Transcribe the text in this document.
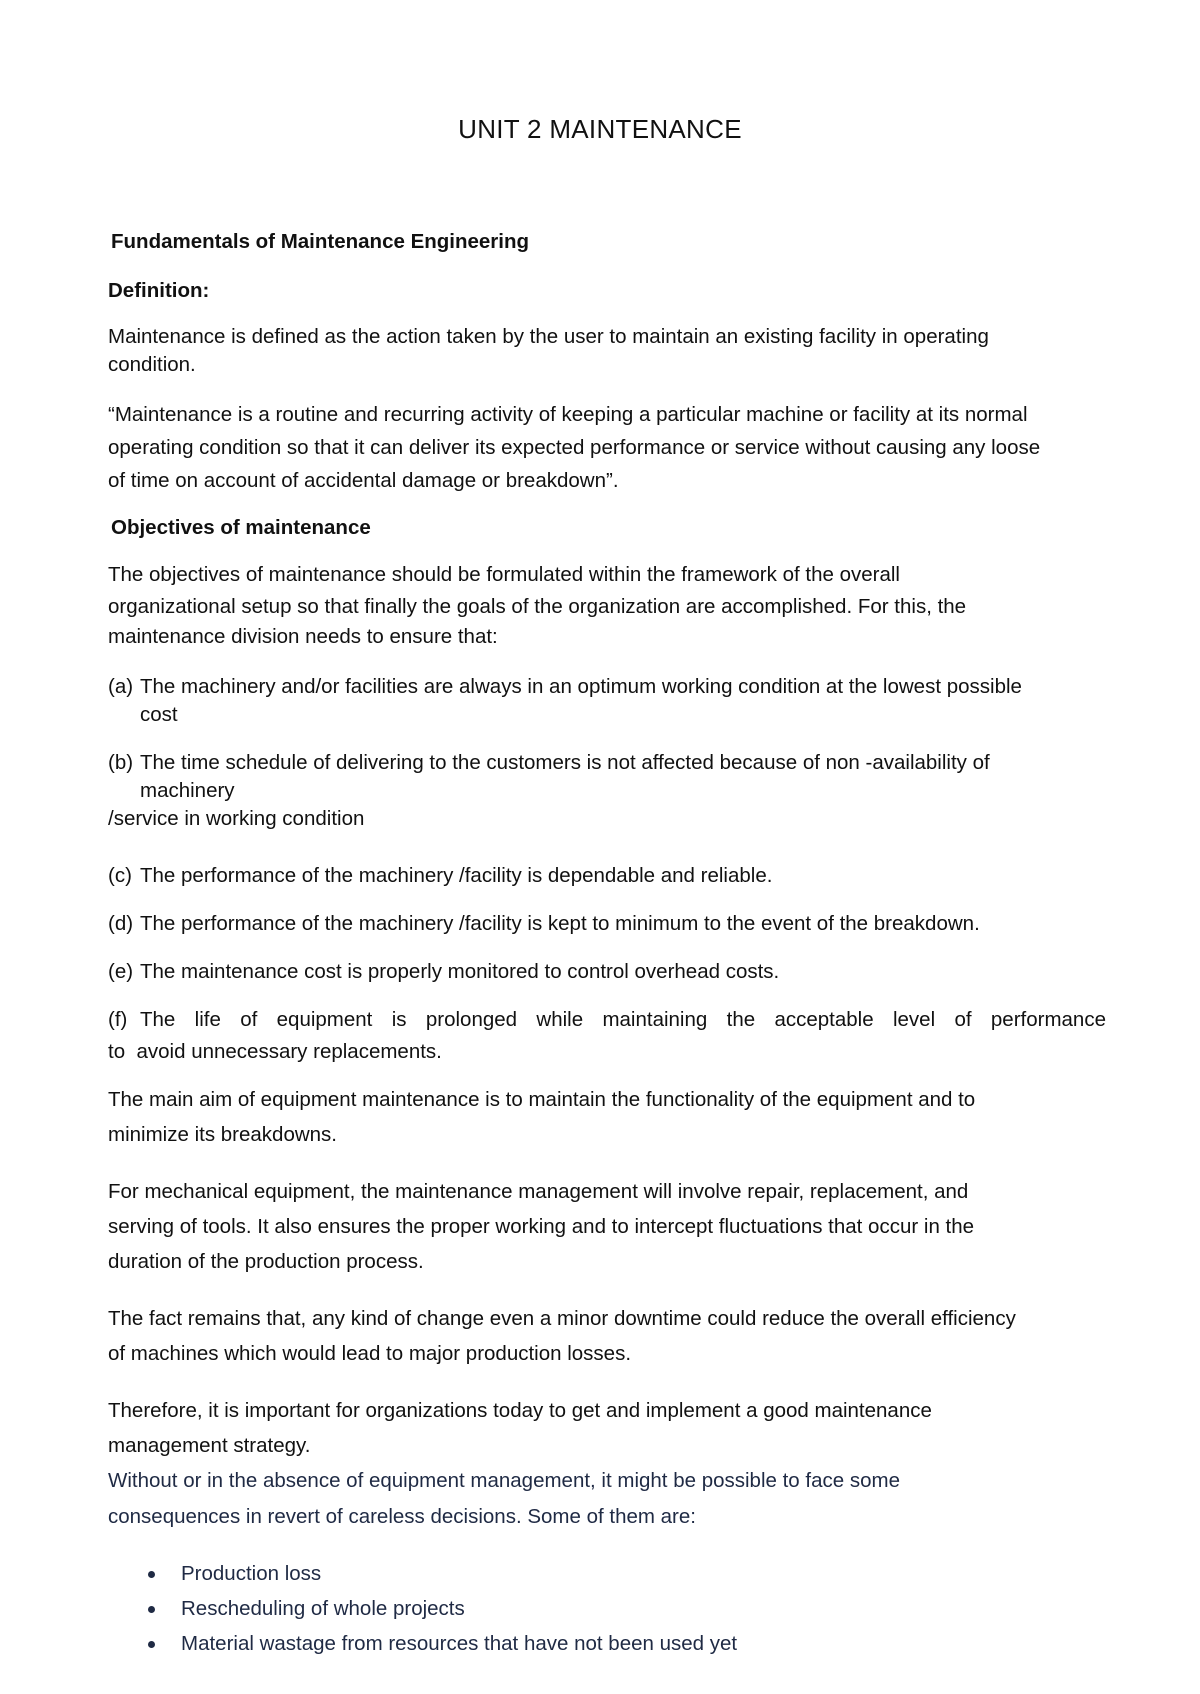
UNIT 2 MAINTENANCE
Fundamentals of Maintenance Engineering
Definition:
Maintenance is defined as the action taken by the user to maintain an existing facility in operating
condition.
“Maintenance is a routine and recurring activity of keeping a particular machine or facility at its normal
operating condition so that it can deliver its expected performance or service without causing any loose
of time on account of accidental damage or breakdown”.
Objectives of maintenance
The objectives of maintenance should be formulated within the framework of the overall
organizational setup so that finally the goals of the organization are accomplished. For this, the
maintenance division needs to ensure that:
(a) The machinery and/or facilities are always in an optimum working condition at the lowest possible
cost
(b) The time schedule of delivering to the customers is not affected because of non -availability of
machinery
/service in working condition
(c) The performance of the machinery /facility is dependable and reliable.
(d) The performance of the machinery /facility is kept to minimum to the event of the breakdown.
(e) The maintenance cost is properly monitored to control overhead costs.
(f) The life of equipment is prolonged while maintaining the acceptable level of performance
to  avoid unnecessary replacements.
The main aim of equipment maintenance is to maintain the functionality of the equipment and to
minimize its breakdowns.
For mechanical equipment, the maintenance management will involve repair, replacement, and
serving of tools. It also ensures the proper working and to intercept fluctuations that occur in the
duration of the production process.
The fact remains that, any kind of change even a minor downtime could reduce the overall efficiency
of machines which would lead to major production losses.
Therefore, it is important for organizations today to get and implement a good maintenance
management strategy.
Without or in the absence of equipment management, it might be possible to face some
consequences in revert of careless decisions. Some of them are:
Production loss
Rescheduling of whole projects
Material wastage from resources that have not been used yet
